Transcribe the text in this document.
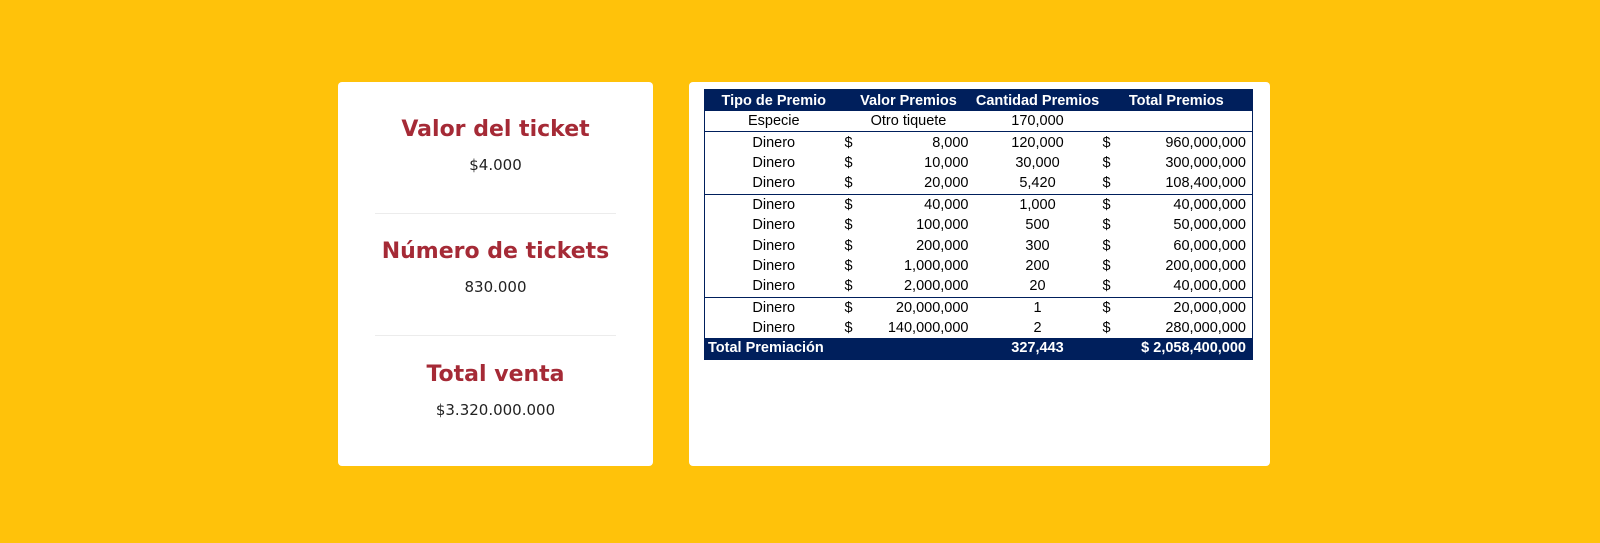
Valor del ticket
$4.000
Número de tickets
830.000
Total venta
$3.320.000.000
Tipo de Premio	Valor Premios		Cantidad Premios	Total Premios	
Especie	Otro tiquete		170,000		
Dinero	$	8,000	120,000	$	960,000,000
Dinero	$	10,000	30,000	$	300,000,000
Dinero	$	20,000	5,420	$	108,400,000
Dinero	$	40,000	1,000	$	40,000,000
Dinero	$	100,000	500	$	50,000,000
Dinero	$	200,000	300	$	60,000,000
Dinero	$	1,000,000	200	$	200,000,000
Dinero	$	2,000,000	20	$	40,000,000
Dinero	$	20,000,000	1	$	20,000,000
Dinero	$	140,000,000	2	$	280,000,000
Total Premiación			327,443	$ 2,058,400,000	
